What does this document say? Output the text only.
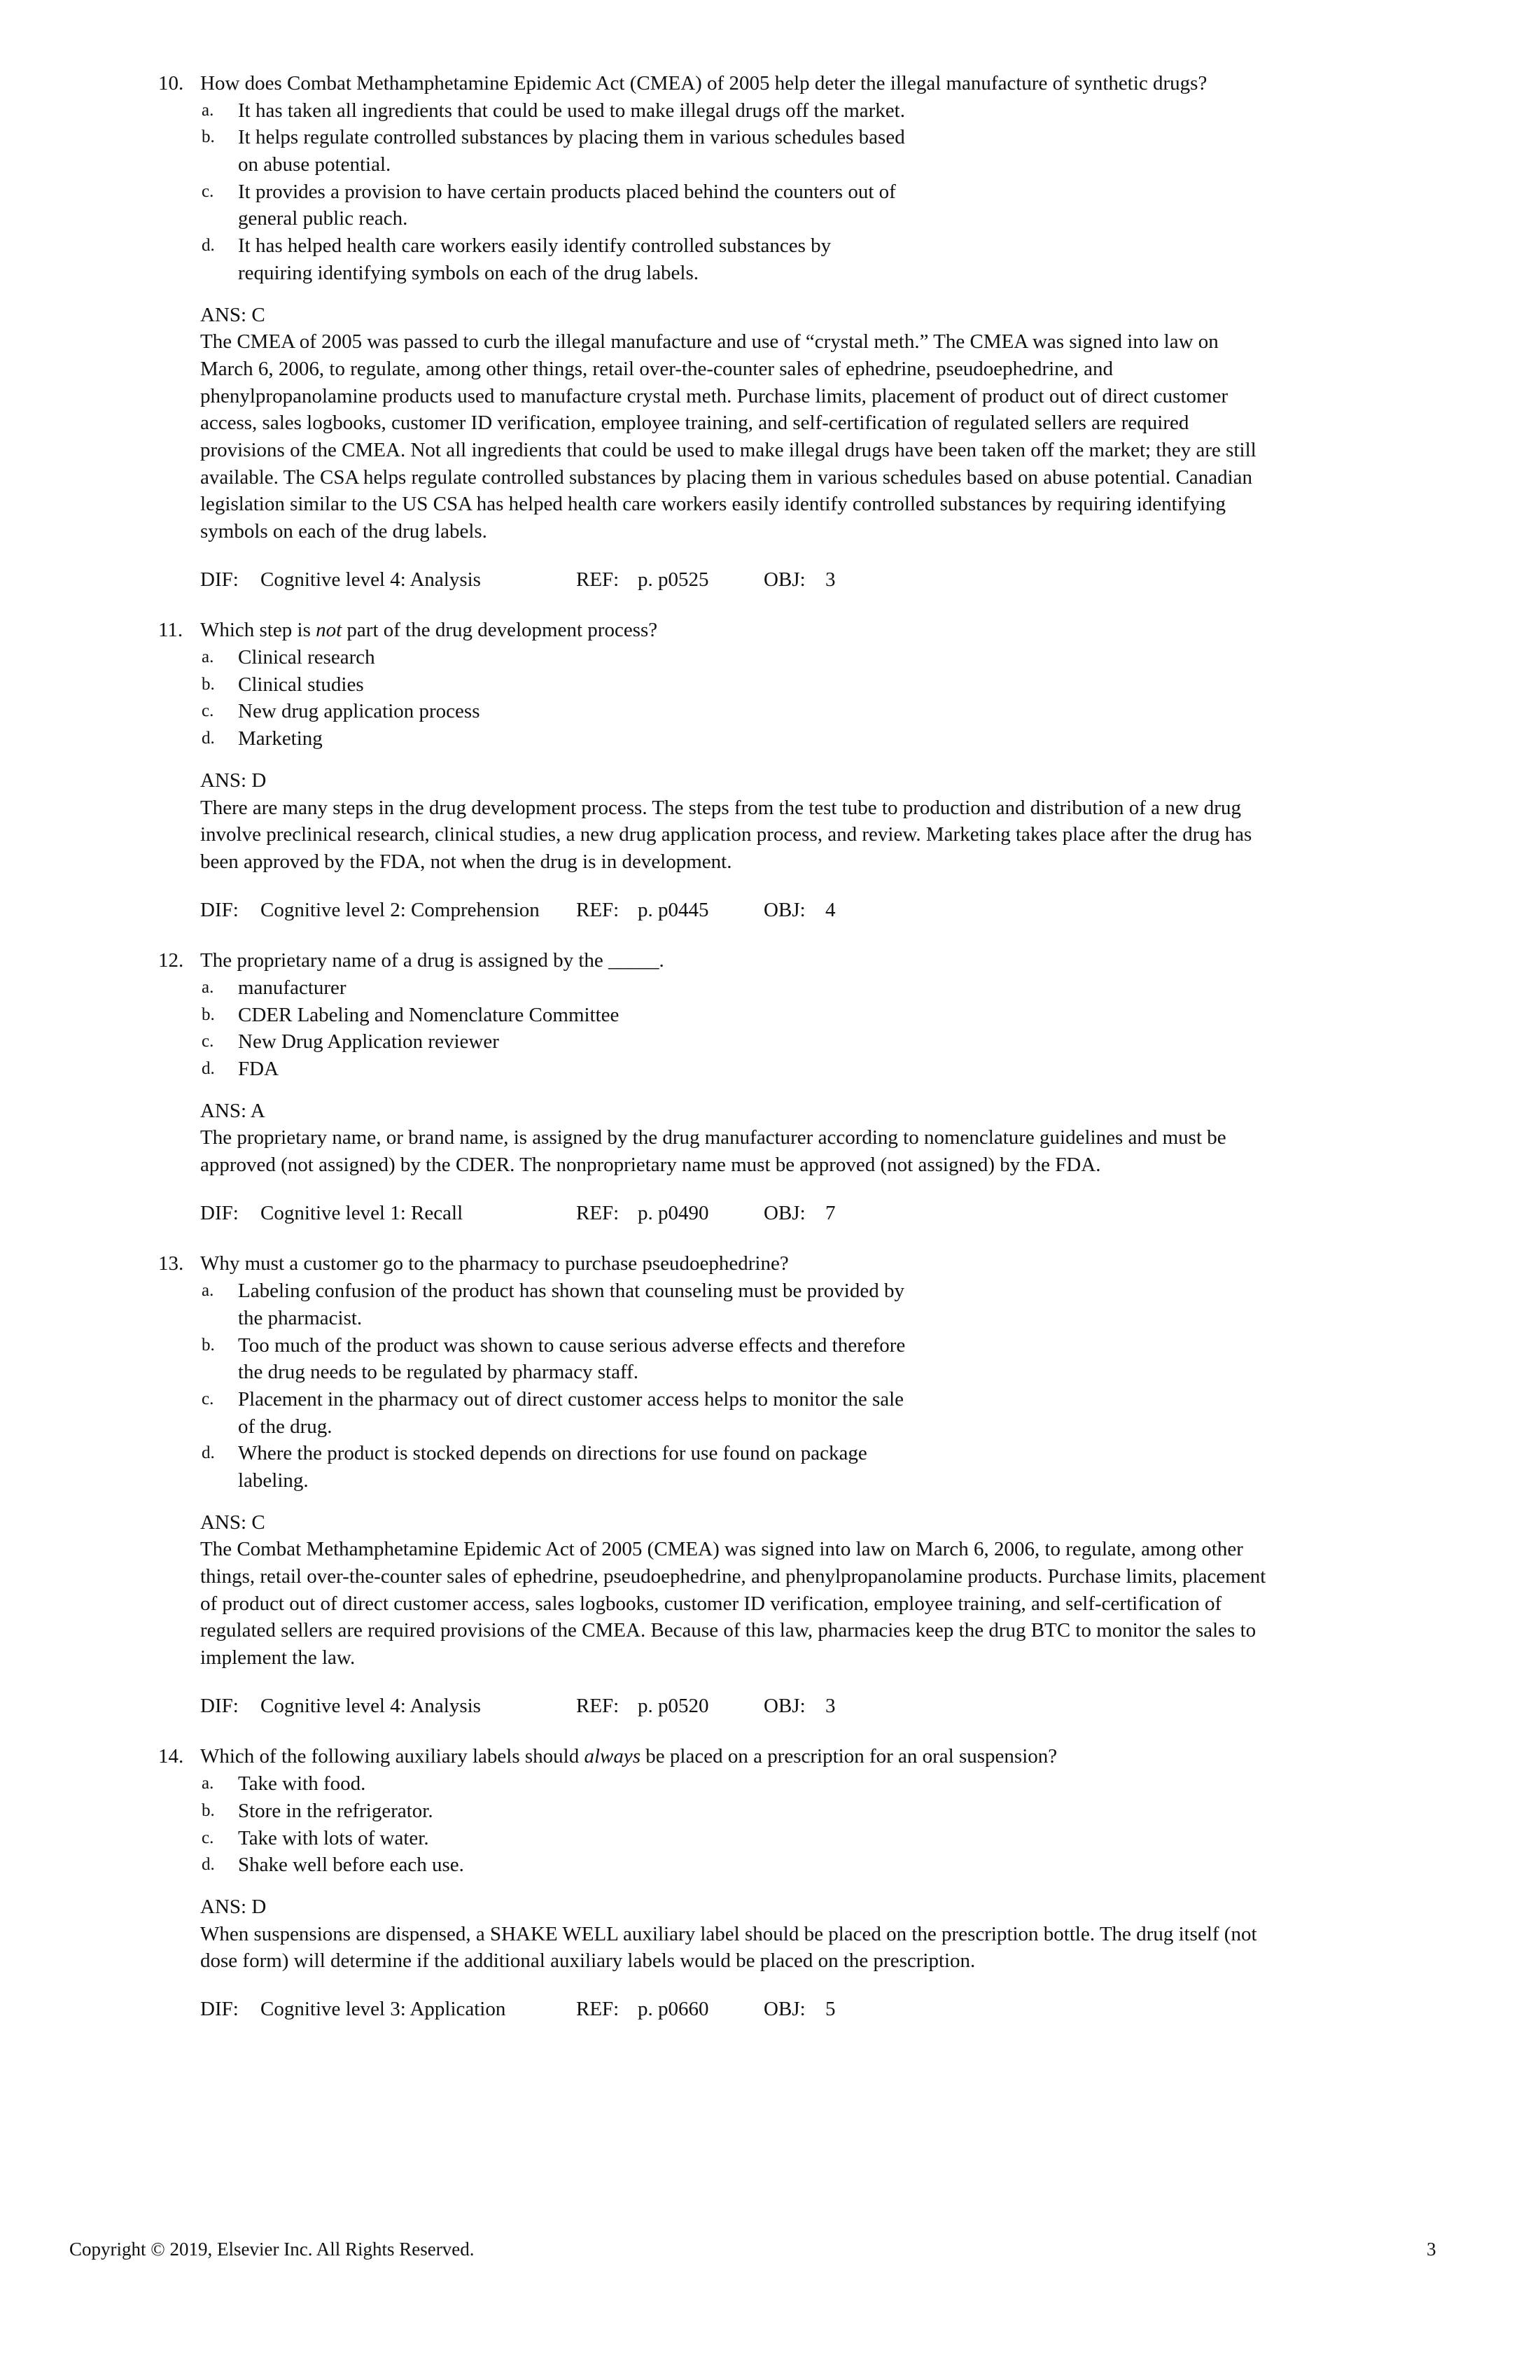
10. How does Combat Methamphetamine Epidemic Act (CMEA) of 2005 help deter the illegal manufacture of synthetic drugs?
a. It has taken all ingredients that could be used to make illegal drugs off the market.
b. It helps regulate controlled substances by placing them in various schedules based
on abuse potential.
c. It provides a provision to have certain products placed behind the counters out of
general public reach.
d. It has helped health care workers easily identify controlled substances by
requiring identifying symbols on each of the drug labels.
ANS: C
The CMEA of 2005 was passed to curb the illegal manufacture and use of “crystal meth.” The CMEA was signed into law on
March 6, 2006, to regulate, among other things, retail over-the-counter sales of ephedrine, pseudoephedrine, and
phenylpropanolamine products used to manufacture crystal meth. Purchase limits, placement of product out of direct customer
access, sales logbooks, customer ID verification, employee training, and self-certification of regulated sellers are required
provisions of the CMEA. Not all ingredients that could be used to make illegal drugs have been taken off the market; they are still
available. The CSA helps regulate controlled substances by placing them in various schedules based on abuse potential. Canadian
legislation similar to the US CSA has helped health care workers easily identify controlled substances by requiring identifying
symbols on each of the drug labels.
DIF: Cognitive level 4: Analysis	REF: p. p0525	OBJ: 3
11. Which step is not part of the drug development process?
a. Clinical research
b. Clinical studies
c. New drug application process
d. Marketing
ANS: D
There are many steps in the drug development process. The steps from the test tube to production and distribution of a new drug
involve preclinical research, clinical studies, a new drug application process, and review. Marketing takes place after the drug has
been approved by the FDA, not when the drug is in development.
DIF: Cognitive level 2: Comprehension REF: p. p0445	OBJ: 4
12. The proprietary name of a drug is assigned by the _____.
a. manufacturer
b. CDER Labeling and Nomenclature Committee
c. New Drug Application reviewer
d. FDA
ANS: A
The proprietary name, or brand name, is assigned by the drug manufacturer according to nomenclature guidelines and must be
approved (not assigned) by the CDER. The nonproprietary name must be approved (not assigned) by the FDA.
DIF: Cognitive level 1: Recall	REF: p. p0490	OBJ: 7
13. Why must a customer go to the pharmacy to purchase pseudoephedrine?
a. Labeling confusion of the product has shown that counseling must be provided by
the pharmacist.
b. Too much of the product was shown to cause serious adverse effects and therefore
the drug needs to be regulated by pharmacy staff.
c. Placement in the pharmacy out of direct customer access helps to monitor the sale
of the drug.
d. Where the product is stocked depends on directions for use found on package
labeling.
ANS: C
The Combat Methamphetamine Epidemic Act of 2005 (CMEA) was signed into law on March 6, 2006, to regulate, among other
things, retail over-the-counter sales of ephedrine, pseudoephedrine, and phenylpropanolamine products. Purchase limits, placement
of product out of direct customer access, sales logbooks, customer ID verification, employee training, and self-certification of
regulated sellers are required provisions of the CMEA. Because of this law, pharmacies keep the drug BTC to monitor the sales to
implement the law.
DIF: Cognitive level 4: Analysis	REF: p. p0520	OBJ: 3
14. Which of the following auxiliary labels should always be placed on a prescription for an oral suspension?
a. Take with food.
b. Store in the refrigerator.
c. Take with lots of water.
d. Shake well before each use.
ANS: D
When suspensions are dispensed, a SHAKE WELL auxiliary label should be placed on the prescription bottle. The drug itself (not
dose form) will determine if the additional auxiliary labels would be placed on the prescription.
DIF: Cognitive level 3: Application	REF: p. p0660	OBJ: 5
Copyright © 2019, Elsevier Inc. All Rights Reserved.	3
